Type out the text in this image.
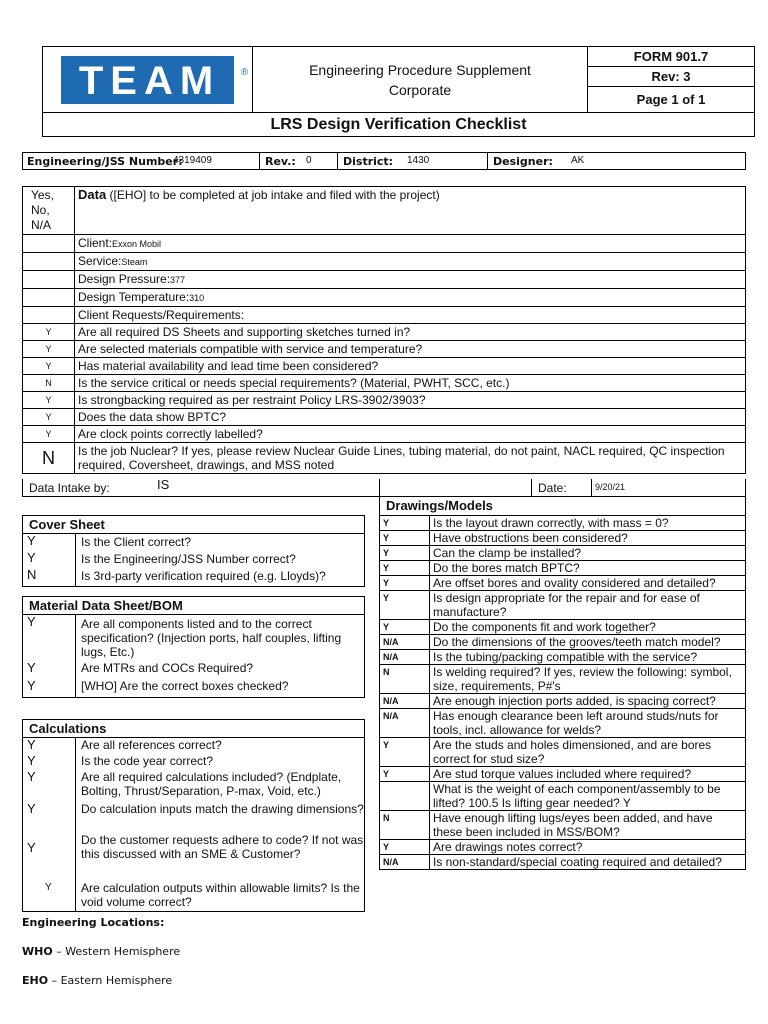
TEAM ®	Engineering Procedure Supplement
Corporate
	FORM 901.7
Rev: 3
Page 1 of 1
LRS Design Verification Checklist
Engineering/JSS Number:
4319409	Rev.: 0	District: 1430	Designer: AK
Yes,
No,
N/A	Data ([EHO] to be completed at job intake and filed with the project)
	Client:Exxon Mobil
	Service:Steam
	Design Pressure:377
	Design Temperature:310
	Client Requests/Requirements:
Y	Are all required DS Sheets and supporting sketches turned in?
Y	Are selected materials compatible with service and temperature?
Y	Has material availability and lead time been considered?
N	Is the service critical or needs special requirements? (Material, PWHT, SCC, etc.)
Y	Is strongbacking required as per restraint Policy LRS-3902/3903?
Y	Does the data show BPTC?
Y	Are clock points correctly labelled?
N	Is the job Nuclear? If yes, please review Nuclear Guide Lines, tubing material, do not paint, NACL required, QC inspection required, Coversheet, drawings, and MSS noted
Data Intake by:	IS	Date:	9/20/21
Cover Sheet
Y	Is the Client correct?
Y	Is the Engineering/JSS Number correct?
N	Is 3rd-party verification required (e.g. Lloyds)?
Material Data Sheet/BOM
Y	Are all components listed and to the correct specification? (Injection ports, half couples, lifting lugs, Etc.)
Y	Are MTRs and COCs Required?
Y	[WHO] Are the correct boxes checked?
Calculations
Y	Are all references correct?
Y	Is the code year correct?
Y	Are all required calculations included? (Endplate, Bolting, Thrust/Separation, P-max, Void, etc.)
Y	Do calculation inputs match the drawing dimensions?
Y	Do the customer requests adhere to code? If not was this discussed with an SME & Customer?
Y	Are calculation outputs within allowable limits? Is the void volume correct?
Drawings/Models	
Y	Is the layout drawn correctly, with mass = 0?
Y	Have obstructions been considered?
Y	Can the clamp be installed?
Y	Do the bores match BPTC?
Y	Are offset bores and ovality considered and detailed?
Y	Is design appropriate for the repair and for ease of manufacture?
Y	Do the components fit and work together?
N/A	Do the dimensions of the grooves/teeth match model?
N/A	Is the tubing/packing compatible with the service?
N	Is welding required? If yes, review the following: symbol, size, requirements, P#'s
N/A	Are enough injection ports added, is spacing correct?
N/A	Has enough clearance been left around studs/nuts for tools, incl. allowance for welds?
Y	Are the studs and holes dimensioned, and are bores correct for stud size?
Y	Are stud torque values included where required?
	What is the weight of each component/assembly to be lifted? 100.5 Is lifting gear needed? Y
N	Have enough lifting lugs/eyes been added, and have these been included in MSS/BOM?
Y	Are drawings notes correct?
N/A	Is non-standard/special coating required and detailed?
Engineering Locations:
WHO – Western Hemisphere
EHO – Eastern Hemisphere
